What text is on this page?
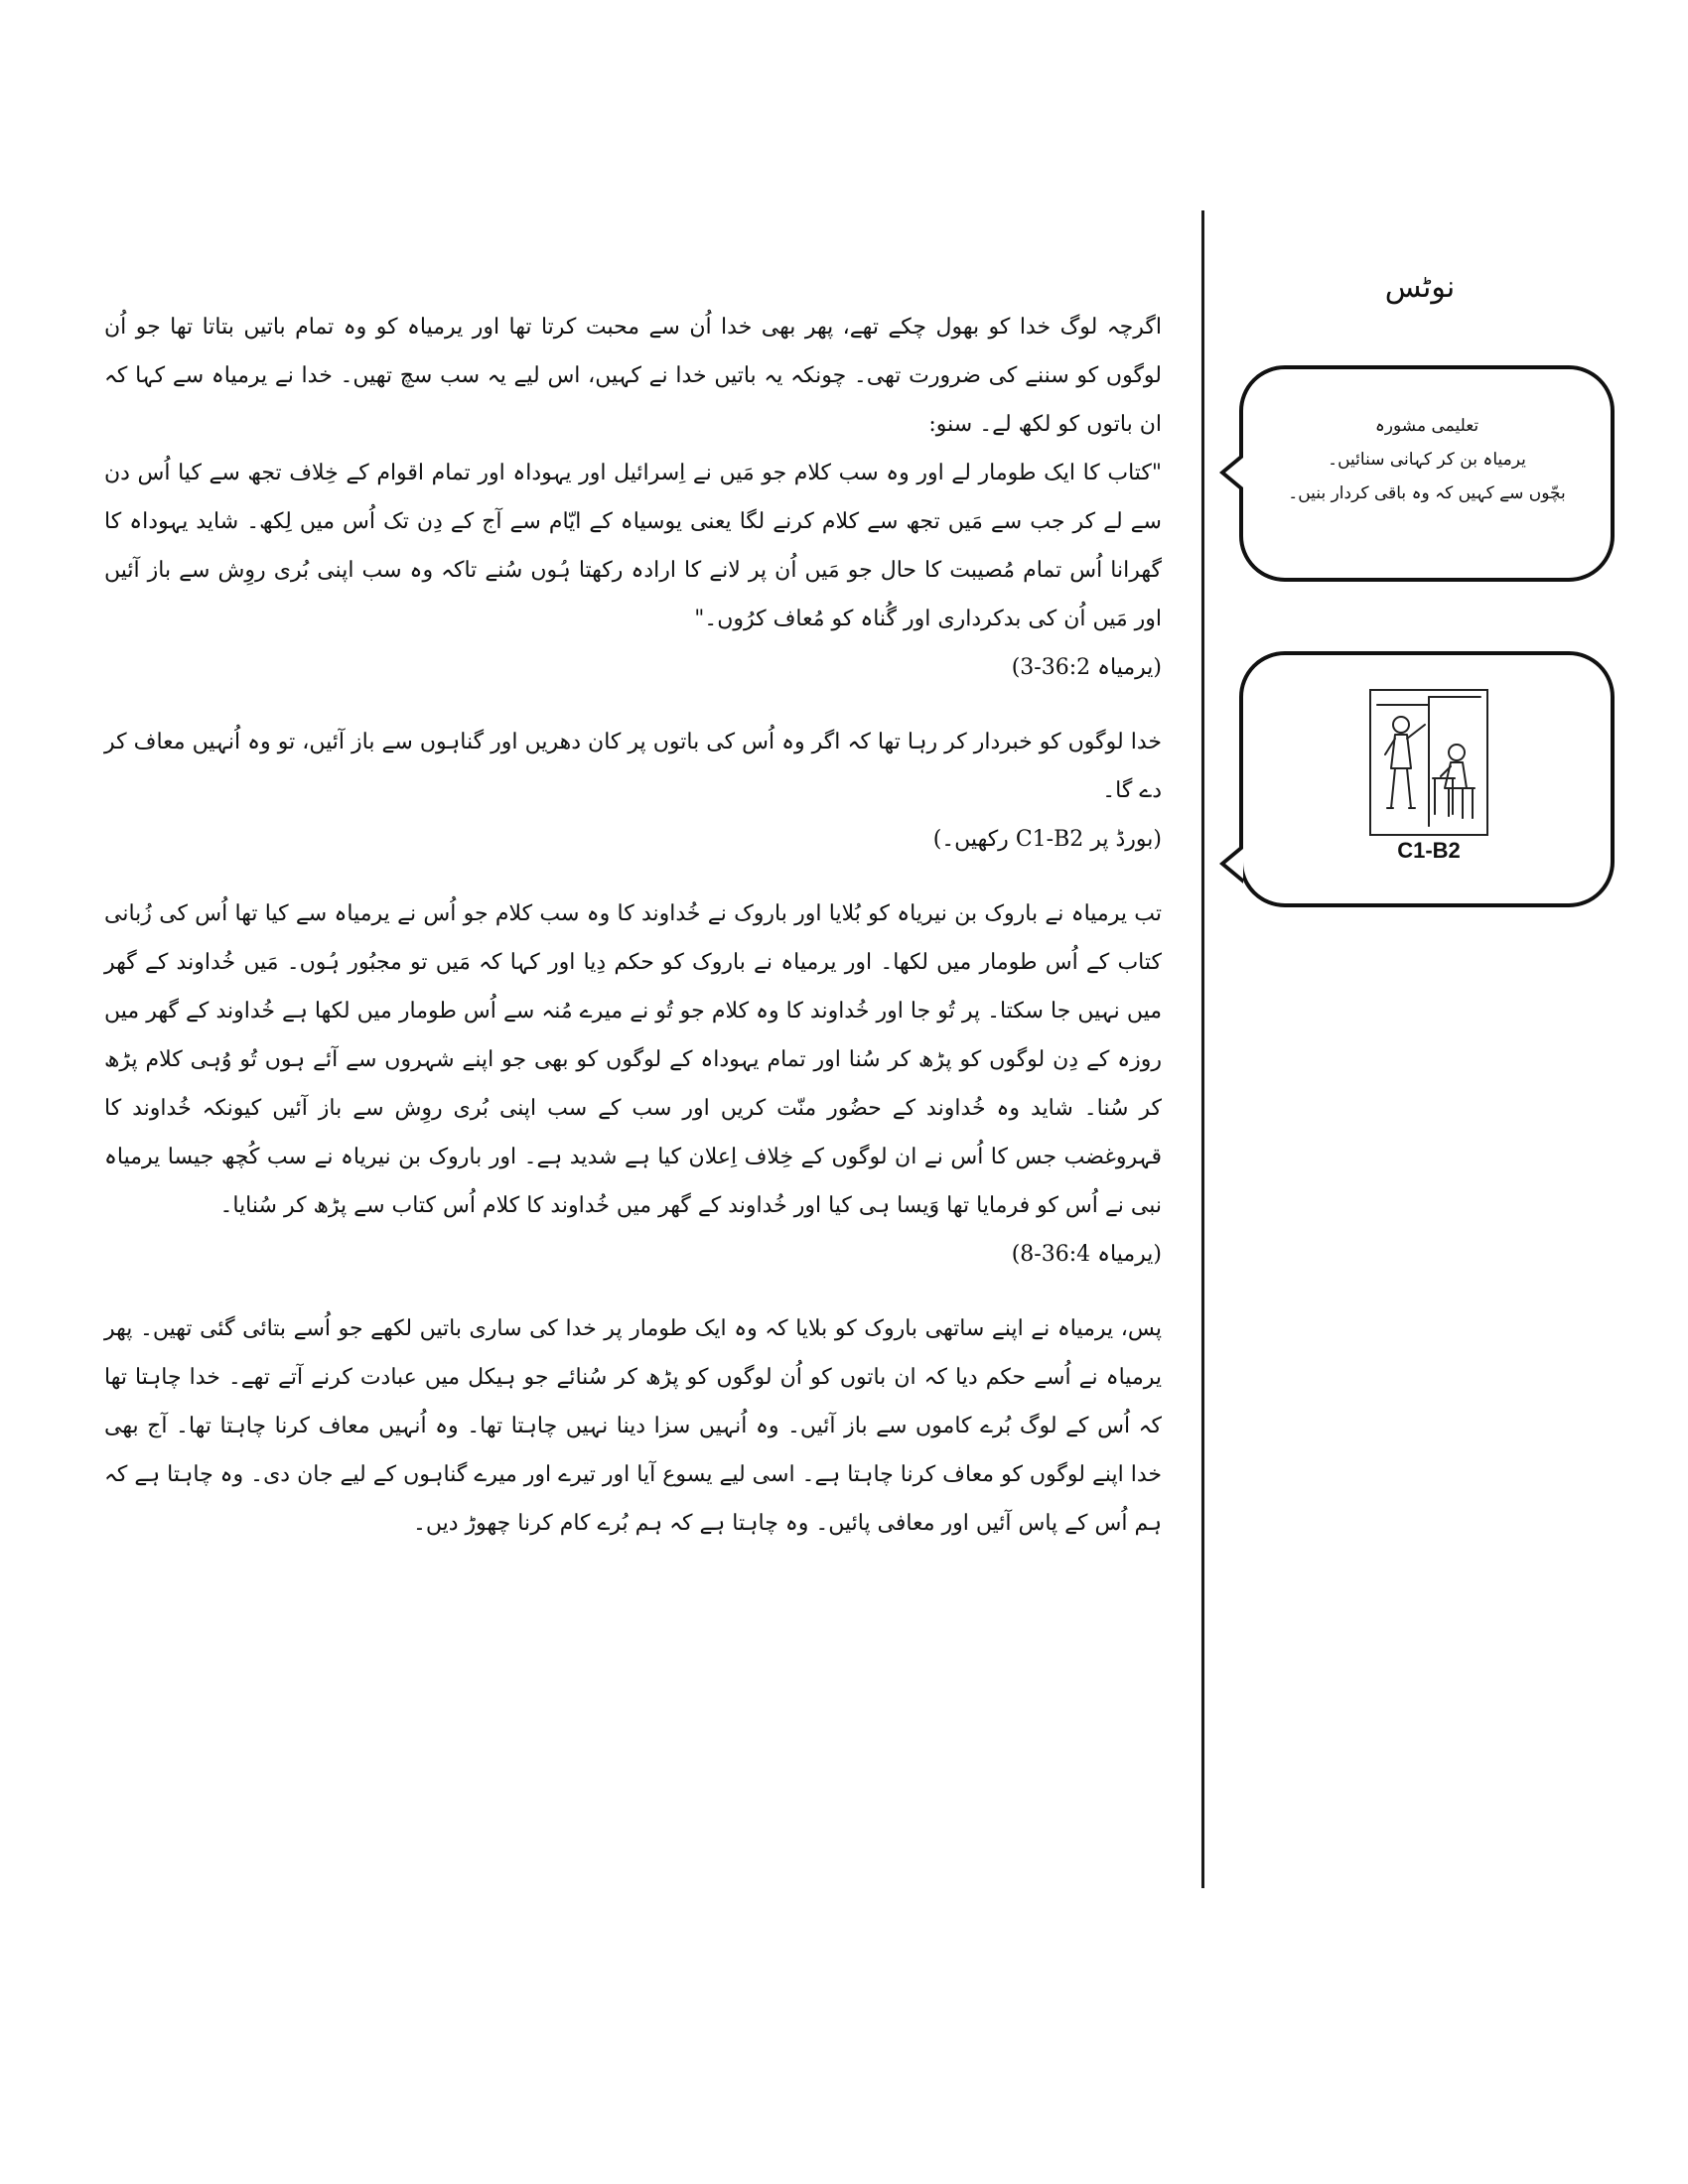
اگرچہ لوگ خدا کو بھول چکے تھے، پھر بھی خدا اُن سے محبت کرتا تھا اور یرمیاہ کو وہ تمام باتیں بتاتا تھا جو اُن لوگوں کو سننے کی ضرورت تھی۔ چونکہ یہ باتیں خدا نے کہیں، اس لیے یہ سب سچ تھیں۔ خدا نے یرمیاہ سے کہا کہ ان باتوں کو لکھ لے۔ سنو:

"کتاب کا ایک طومار لے اور وہ سب کلام جو مَیں نے اِسرائیل اور یہوداہ اور تمام اقوام کے خِلاف تجھ سے کیا اُس دن سے لے کر جب سے مَیں تجھ سے کلام کرنے لگا یعنی یوسیاہ کے ایّام سے آج کے دِن تک اُس میں لِکھ۔ شاید یہوداہ کا گھرانا اُس تمام مُصیبت کا حال جو مَیں اُن پر لانے کا ارادہ رکھتا ہُوں سُنے تاکہ وہ سب اپنی بُری روِش سے باز آئیں اور مَیں اُن کی بدکرداری اور گُناہ کو مُعاف کرُوں۔"

(یرمیاہ 36:2-3)

خدا لوگوں کو خبردار کر رہا تھا کہ اگر وہ اُس کی باتوں پر کان دھریں اور گناہوں سے باز آئیں، تو وہ اُنہیں معاف کر دے گا۔

(بورڈ پر C1-B2 رکھیں۔)

تب یرمیاہ نے باروک بن نیریاہ کو بُلایا اور باروک نے خُداوند کا وہ سب کلام جو اُس نے یرمیاہ سے کیا تھا اُس کی زُبانی کتاب کے اُس طومار میں لکھا۔ اور یرمیاہ نے باروک کو حکم دِیا اور کہا کہ مَیں تو مجبُور ہُوں۔ مَیں خُداوند کے گھر میں نہیں جا سکتا۔ پر تُو جا اور خُداوند کا وہ کلام جو تُو نے میرے مُنہ سے اُس طومار میں لکھا ہے خُداوند کے گھر میں روزہ کے دِن لوگوں کو پڑھ کر سُنا اور تمام یہوداہ کے لوگوں کو بھی جو اپنے شہروں سے آئے ہوں تُو وُہی کلام پڑھ کر سُنا۔ شاید وہ خُداوند کے حضُور منّت کریں اور سب کے سب اپنی بُری روِش سے باز آئیں کیونکہ خُداوند کا قہروغضب جس کا اُس نے ان لوگوں کے خِلاف اِعلان کیا ہے شدید ہے۔ اور باروک بن نیریاہ نے سب کُچھ جیسا یرمیاہ نبی نے اُس کو فرمایا تھا وَیسا ہی کیا اور خُداوند کے گھر میں خُداوند کا کلام اُس کتاب سے پڑھ کر سُنایا۔

(یرمیاہ 36:4-8)

پس، یرمیاہ نے اپنے ساتھی باروک کو بلایا کہ وہ ایک طومار پر خدا کی ساری باتیں لکھے جو اُسے بتائی گئی تھیں۔ پھر یرمیاہ نے اُسے حکم دیا کہ ان باتوں کو اُن لوگوں کو پڑھ کر سُنائے جو ہیکل میں عبادت کرنے آتے تھے۔ خدا چاہتا تھا کہ اُس کے لوگ بُرے کاموں سے باز آئیں۔ وہ اُنہیں سزا دینا نہیں چاہتا تھا۔ وہ اُنہیں معاف کرنا چاہتا تھا۔ آج بھی خدا اپنے لوگوں کو معاف کرنا چاہتا ہے۔ اسی لیے یسوع آیا اور تیرے اور میرے گناہوں کے لیے جان دی۔ وہ چاہتا ہے کہ ہم اُس کے پاس آئیں اور معافی پائیں۔ وہ چاہتا ہے کہ ہم بُرے کام کرنا چھوڑ دیں۔

نوٹس

تعلیمی مشورہ

یرمیاہ بن کر کہانی سنائیں۔

بچّوں سے کہیں کہ وہ باقی کردار بنیں۔

C1-B2
